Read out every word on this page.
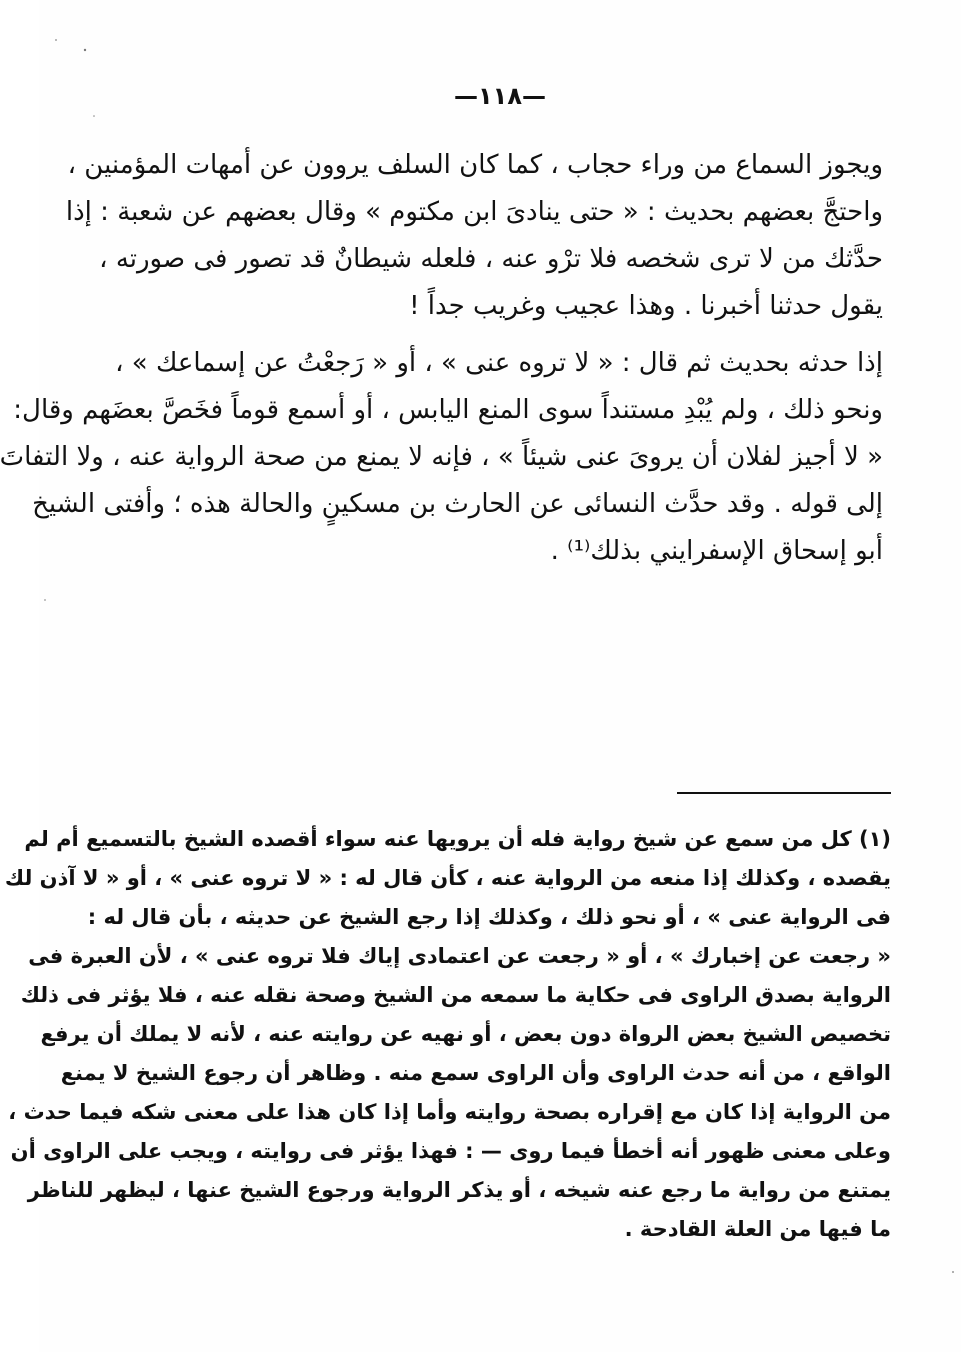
—١١٨—
ويجوز السماع من وراء حجاب ، كما كان السلف يروون عن أمهات المؤمنين ،
واحتجَّ بعضهم بحديث : « حتى ينادىَ ابن مكتوم » وقال بعضهم عن شعبة : إذا
حدَّثك من لا ترى شخصه فلا ترْو عنه ، فلعله شيطانٌ قد تصور فى صورته ،
يقول حدثنا أخبرنا . وهذا عجيب وغريب جداً !
إذا حدثه بحديث ثم قال : « لا تروه عنى » ، أو « رَجعْتُ عن إسماعك » ،
ونحو ذلك ، ولم يُبْدِ مستنداً سوى المنع اليابس ، أو أسمع قوماً فخَصَّ بعضَهم وقال:
« لا أجيز لفلان أن يروىَ عنى شيئاً » ، فإنه لا يمنع من صحة الرواية عنه ، ولا التفاتَ
إلى قوله . وقد حدَّث النسائى عن الحارث بن مسكينٍ والحالة هذه ؛ وأفتى الشيخ
أبو إسحاق الإسفرايني بذلك⁽¹⁾ .
(١) كل من سمع عن شيخ رواية فله أن يرويها عنه سواء أقصده الشيخ بالتسميع أم لم
يقصده ، وكذلك إذا منعه من الرواية عنه ، كأن قال له : « لا تروه عنى » ، أو « لا آذن لك
فى الرواية عنى » ، أو نحو ذلك ، وكذلك إذا رجع الشيخ عن حديثه ، بأن قال له :
« رجعت عن إخبارك » ، أو « رجعت عن اعتمادى إياك فلا تروه عنى » ، لأن العبرة فى
الرواية بصدق الراوى فى حكاية ما سمعه من الشيخ وصحة نقله عنه ، فلا يؤثر فى ذلك
تخصيص الشيخ بعض الرواة دون بعض ، أو نهيه عن روايته عنه ، لأنه لا يملك أن يرفع
الواقع ، من أنه حدث الراوى وأن الراوى سمع منه . وظاهر أن رجوع الشيخ لا يمنع
من الرواية إذا كان مع إقراره بصحة روايته وأما إذا كان هذا على معنى شكه فيما حدث ،
وعلى معنى ظهور أنه أخطأ فيما روى — : فهذا يؤثر فى روايته ، ويجب على الراوى أن
يمتنع من رواية ما رجع عنه شيخه ، أو يذكر الرواية ورجوع الشيخ عنها ، ليظهر للناظر
ما فيها من العلة القادحة .
